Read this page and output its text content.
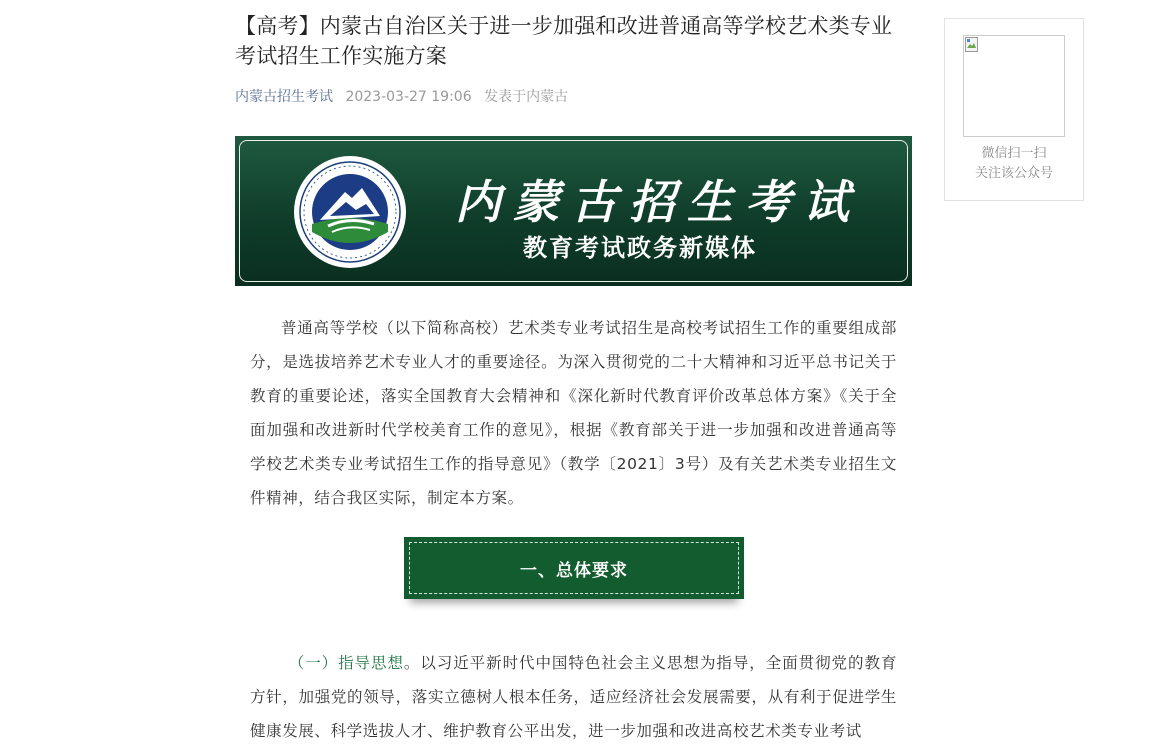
【高考】内蒙古自治区关于进一步加强和改进普通高等学校艺术类专业考试招生工作实施方案
内蒙古招生考试 2023-03-27 19:06 发表于内蒙古
内蒙古招生考试
教育考试政务新媒体

普通高等学校（以下简称高校）艺术类专业考试招生是高校考试招生工作的重要组成部分，是选拔培养艺术专业人才的重要途径。为深入贯彻党的二十大精神和习近平总书记关于教育的重要论述，落实全国教育大会精神和《深化新时代教育评价改革总体方案》《关于全面加强和改进新时代学校美育工作的意见》，根据《教育部关于进一步加强和改进普通高等学校艺术类专业考试招生工作的指导意见》（教学〔2021〕3号）及有关艺术类专业招生文件精神，结合我区实际，制定本方案。

一、总体要求

（一）指导思想。以习近平新时代中国特色社会主义思想为指导，全面贯彻党的教育方针，加强党的领导，落实立德树人根本任务，适应经济社会发展需要，从有利于促进学生健康发展、科学选拔人才、维护教育公平出发，进一步加强和改进高校艺术类专业考试

微信扫一扫
关注该公众号
